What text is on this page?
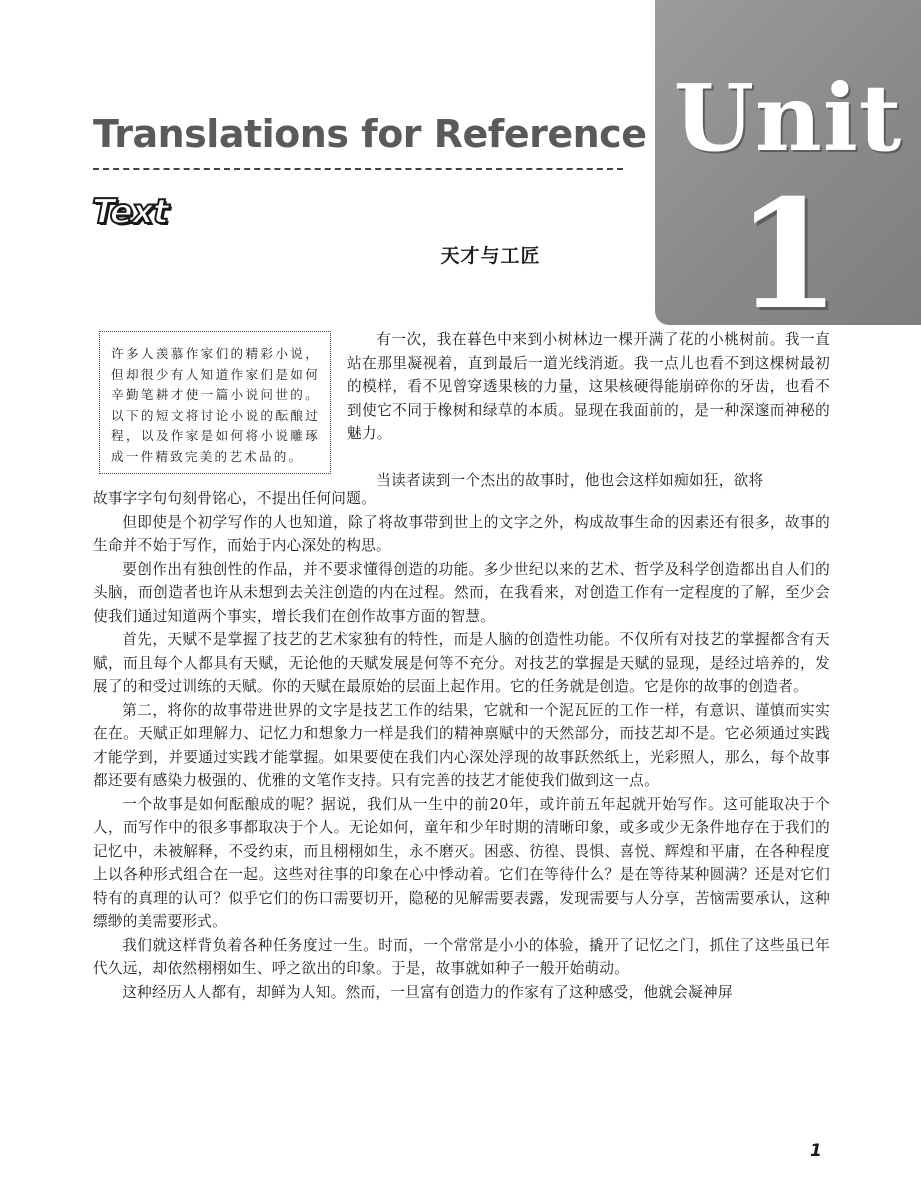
Unit
1
Translations for Reference
Text
天才与工匠
许多人羡慕作家们的精彩小说，但却很少有人知道作家们是如何辛勤笔耕才使一篇小说问世的。以下的短文将讨论小说的酝酿过程，以及作家是如何将小说雕琢成一件精致完美的艺术品的。

有一次，我在暮色中来到小树林边一棵开满了花的小桃树前。我一直站在那里凝视着，直到最后一道光线消逝。我一点儿也看不到这棵树最初的模样，看不见曾穿透果核的力量，这果核硬得能崩碎你的牙齿，也看不到使它不同于橡树和绿草的本质。显现在我面前的，是一种深邃而神秘的魅力。

当读者读到一个杰出的故事时，他也会这样如痴如狂，欲将

故事字字句句刻骨铭心，不提出任何问题。

但即使是个初学写作的人也知道，除了将故事带到世上的文字之外，构成故事生命的因素还有很多，故事的生命并不始于写作，而始于内心深处的构思。

要创作出有独创性的作品，并不要求懂得创造的功能。多少世纪以来的艺术、哲学及科学创造都出自人们的头脑，而创造者也许从未想到去关注创造的内在过程。然而，在我看来，对创造工作有一定程度的了解，至少会使我们通过知道两个事实，增长我们在创作故事方面的智慧。

首先，天赋不是掌握了技艺的艺术家独有的特性，而是人脑的创造性功能。不仅所有对技艺的掌握都含有天赋，而且每个人都具有天赋，无论他的天赋发展是何等不充分。对技艺的掌握是天赋的显现，是经过培养的，发展了的和受过训练的天赋。你的天赋在最原始的层面上起作用。它的任务就是创造。它是你的故事的创造者。

第二，将你的故事带进世界的文字是技艺工作的结果，它就和一个泥瓦匠的工作一样，有意识、谨慎而实实在在。天赋正如理解力、记忆力和想象力一样是我们的精神禀赋中的天然部分，而技艺却不是。它必须通过实践才能学到，并要通过实践才能掌握。如果要使在我们内心深处浮现的故事跃然纸上，光彩照人，那么，每个故事都还要有感染力极强的、优雅的文笔作支持。只有完善的技艺才能使我们做到这一点。

一个故事是如何酝酿成的呢？据说，我们从一生中的前20年，或许前五年起就开始写作。这可能取决于个人，而写作中的很多事都取决于个人。无论如何，童年和少年时期的清晰印象，或多或少无条件地存在于我们的记忆中，未被解释，不受约束，而且栩栩如生，永不磨灭。困惑、彷徨、畏惧、喜悦、辉煌和平庸，在各种程度上以各种形式组合在一起。这些对往事的印象在心中悸动着。它们在等待什么？是在等待某种圆满？还是对它们特有的真理的认可？似乎它们的伤口需要切开，隐秘的见解需要表露，发现需要与人分享，苦恼需要承认，这种缥缈的美需要形式。

我们就这样背负着各种任务度过一生。时而，一个常常是小小的体验，撬开了记忆之门，抓住了这些虽已年代久远，却依然栩栩如生、呼之欲出的印象。于是，故事就如种子一般开始萌动。

这种经历人人都有，却鲜为人知。然而，一旦富有创造力的作家有了这种感受，他就会凝神屏

1
